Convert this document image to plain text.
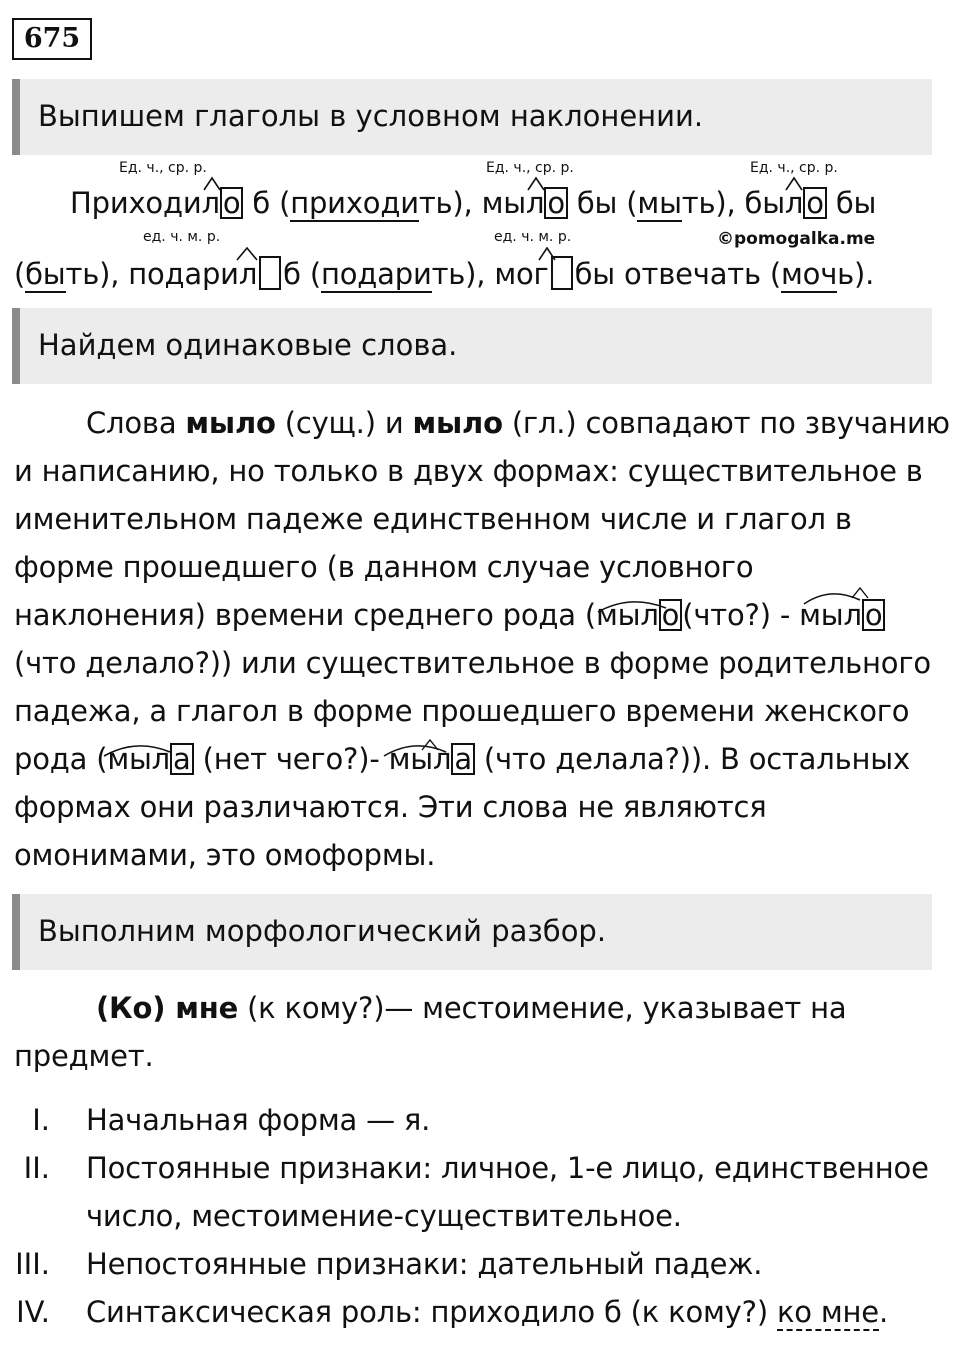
675
Выпишем глаголы в условном наклонении.
Ед. ч., ср. р.	Ед. ч., ср. р.	Ед. ч., ср. р.
ед. ч. м. р.	ед. ч. м. р.
Приходил о б (приходить), мыл о бы (мыть), был о бы
©pomogalka.me
(быть), подарил б (подарить), мог бы отвечать (мочь).
Найдем одинаковые слова.
Слова мыло (сущ.) и мыло (гл.) совпадают по звучанию
и написанию, но только в двух формах: существительное в
именительном падеже единственном числе и глагол в
форме прошедшего (в данном случае условного
наклонения) времени среднего рода (мыл о (что?) - мыл о
(что делало?)) или существительное в форме родительного
падежа, а глагол в форме прошедшего времени женского
рода (мыл а (нет чего?)- мыл а (что делала?)). В остальных
формах они различаются. Эти слова не являются
омонимами, это омоформы.
Выполним морфологический разбор.
(Ко) мне (к кому?)— местоимение, указывает на
предмет.
I. Начальная форма — я.
II. Постоянные признаки: личное, 1-е лицо, единственное
число, местоимение-существительное.
III. Непостоянные признаки: дательный падеж.
IV. Синтаксическая роль: приходило б (к кому?) ко мне.
